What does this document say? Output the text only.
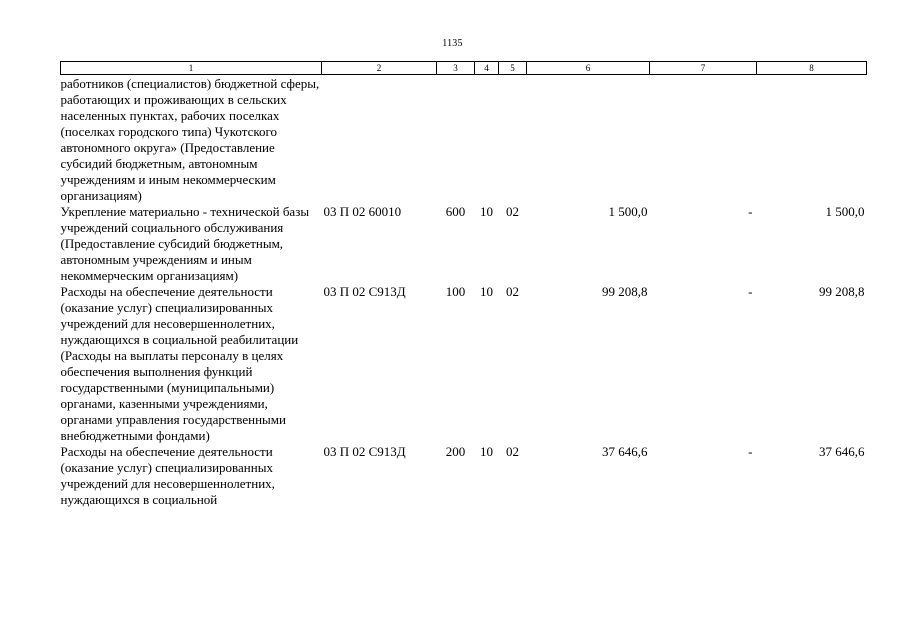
1135
1	2	3	4	5	6	7	8
работников (специалистов) бюджетной сферы, работающих и проживающих в сельских населенных пунктах, рабочих поселках (поселках городского типа) Чукотского автономного округа» (Предоставление субсидий бюджетным, автономным учреждениям и иным некоммерческим организациям)							
Укрепление материально - технической базы учреждений социального обслуживания (Предоставление субсидий бюджетным, автономным учреждениям и иным некоммерческим организациям)	03 П 02 60010	600	10	02	1 500,0	-	1 500,0
Расходы на обеспечение деятельности (оказание услуг) специализированных учреждений для несовершеннолетних, нуждающихся в социальной реабилитации (Расходы на выплаты персоналу в целях обеспечения выполнения функций государственными (муниципальными) органами, казенными учреждениями, органами управления государственными внебюджетными фондами)	03 П 02 С913Д	100	10	02	99 208,8	-	99 208,8
Расходы на обеспечение деятельности (оказание услуг) специализированных учреждений для несовершеннолетних, нуждающихся в социальной	03 П 02 С913Д	200	10	02	37 646,6	-	37 646,6
